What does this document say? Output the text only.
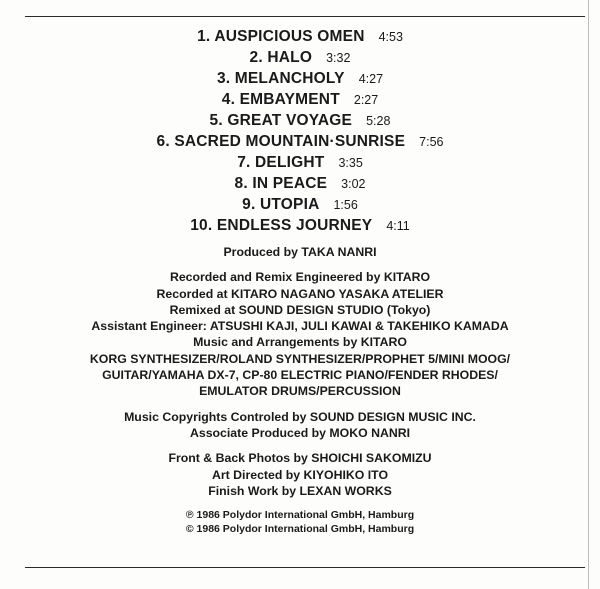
1. AUSPICIOUS OMEN 4:53
2. HALO 3:32
3. MELANCHOLY 4:27
4. EMBAYMENT 2:27
5. GREAT VOYAGE 5:28
6. SACRED MOUNTAIN·SUNRISE 7:56
7. DELIGHT 3:35
8. IN PEACE 3:02
9. UTOPIA 1:56
10. ENDLESS JOURNEY 4:11
Produced by TAKA NANRI
Recorded and Remix Engineered by KITARO
Recorded at KITARO NAGANO YASAKA ATELIER
Remixed at SOUND DESIGN STUDIO (Tokyo)
Assistant Engineer: ATSUSHI KAJI, JULI KAWAI & TAKEHIKO KAMADA
Music and Arrangements by KITARO
KORG SYNTHESIZER/ROLAND SYNTHESIZER/PROPHET 5/MINI MOOG/
GUITAR/YAMAHA DX-7, CP-80 ELECTRIC PIANO/FENDER RHODES/
EMULATOR DRUMS/PERCUSSION
Music Copyrights Controled by SOUND DESIGN MUSIC INC.
Associate Produced by MOKO NANRI
Front & Back Photos by SHOICHI SAKOMIZU
Art Directed by KIYOHIKO ITO
Finish Work by LEXAN WORKS
℗ 1986 Polydor International GmbH, Hamburg
© 1986 Polydor International GmbH, Hamburg
